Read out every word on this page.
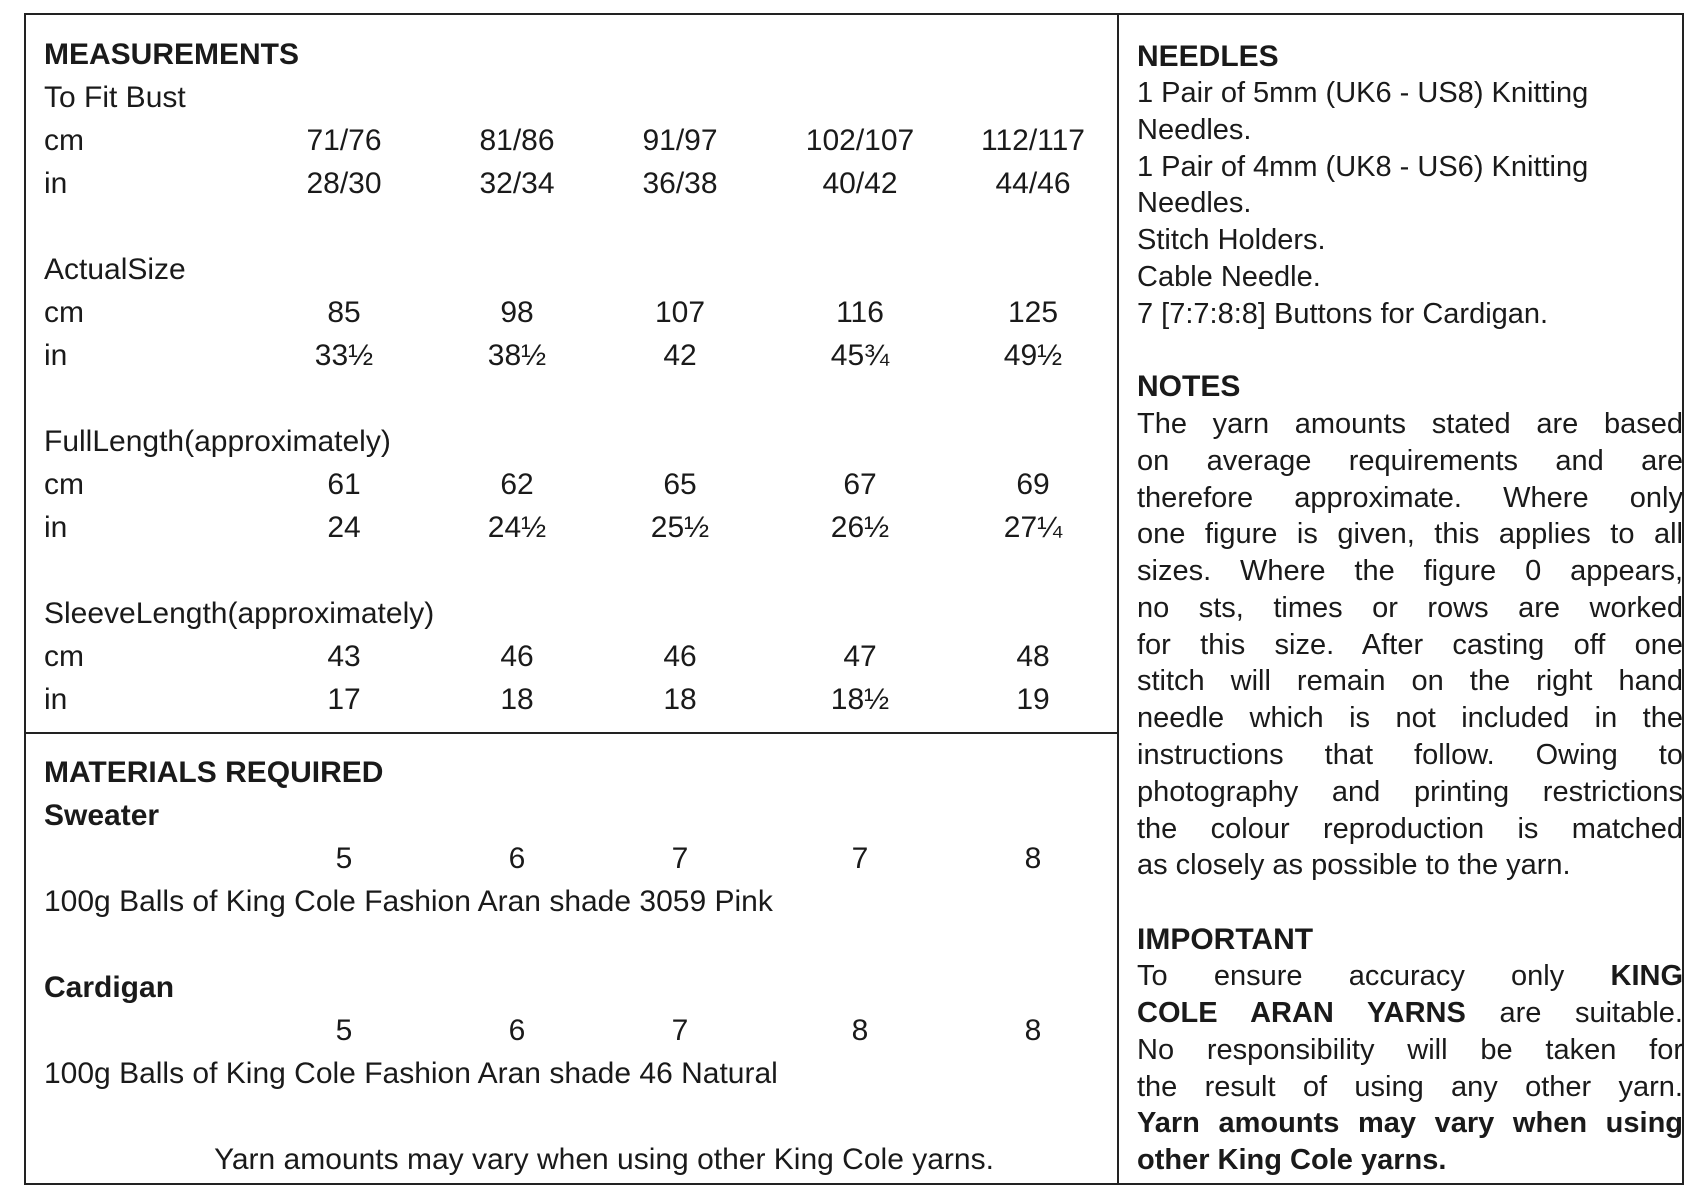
MEASUREMENTS
To Fit Bust
cm	71/76	81/86	91/97	102/107	112/117
in	28/30	32/34	36/38	40/42	44/46
ActualSize
cm	85	98	107	116	125
in	33½	38½	42	45¾	49½
FullLength(approximately)
cm	61	62	65	67	69
in	24	24½	25½	26½	27¼
SleeveLength(approximately)
cm	43	46	46	47	48
in	17	18	18	18½	19
MATERIALS REQUIRED
Sweater
5	6	7	7	8
100g Balls of King Cole Fashion Aran shade 3059 Pink
Cardigan
5	6	7	8	8
100g Balls of King Cole Fashion Aran shade 46 Natural
Yarn amounts may vary when using other King Cole yarns.
NEEDLES
1 Pair of 5mm (UK6 - US8) Knitting
Needles.
1 Pair of 4mm (UK8 - US6) Knitting
Needles.
Stitch Holders.
Cable Needle.
7 [7:7:8:8] Buttons for Cardigan.
NOTES
The yarn amounts stated are based
on average requirements and are
therefore approximate. Where only
one figure is given, this applies to all
sizes. Where the figure 0 appears,
no sts, times or rows are worked
for this size. After casting off one
stitch will remain on the right hand
needle which is not included in the
instructions that follow. Owing to
photography and printing restrictions
the colour reproduction is matched
as closely as possible to the yarn.
IMPORTANT
To ensure accuracy only KING
COLE ARAN YARNS are suitable.
No responsibility will be taken for
the result of using any other yarn.
Yarn amounts may vary when using
other King Cole yarns.
